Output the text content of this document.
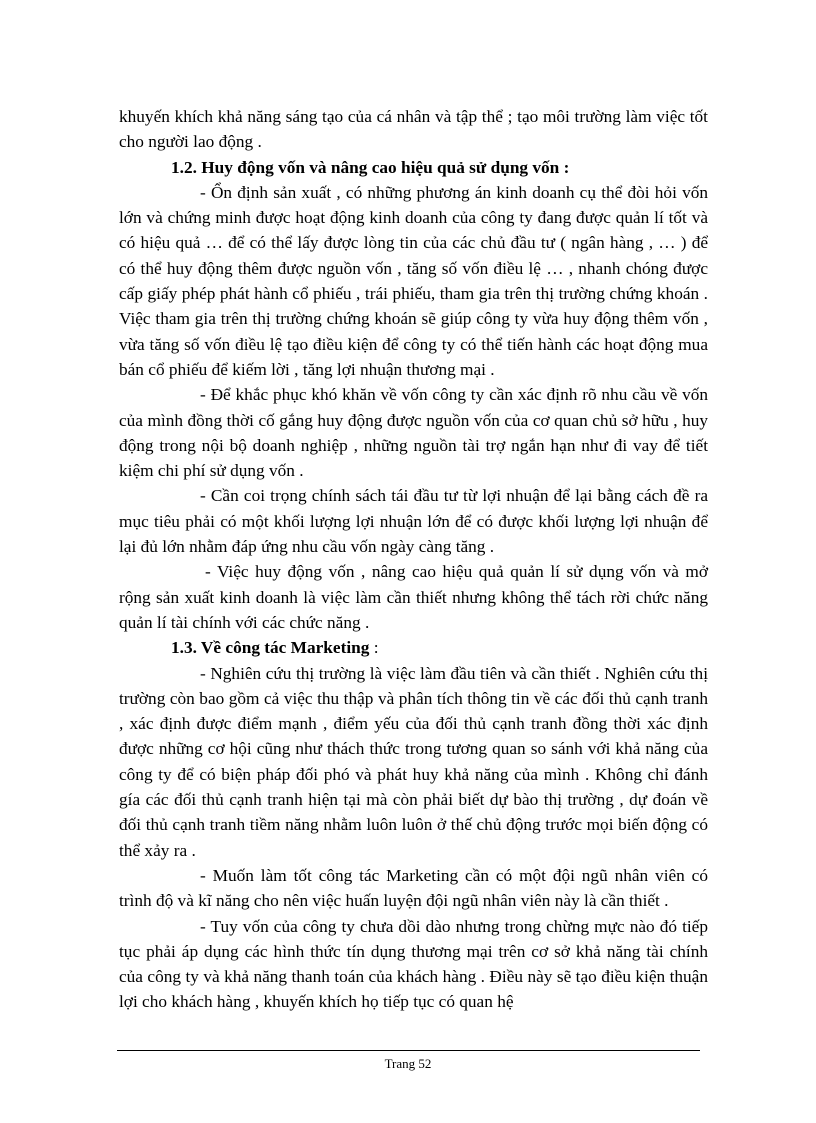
khuyến khích khả năng sáng tạo của cá nhân và tập thể ; tạo môi trường làm việc tốt cho người lao động .

1.2. Huy động vốn và nâng cao hiệu quả sử dụng vốn :

- Ổn định sản xuất , có những phương án kinh doanh cụ thể đòi hỏi vốn lớn và chứng minh được hoạt động kinh doanh của công ty đang được quản lí tốt và có hiệu quả … để có thể lấy được lòng tin của các chủ đầu tư ( ngân hàng , … ) để có thể huy động thêm được nguồn vốn , tăng số vốn điều lệ … , nhanh chóng được cấp giấy phép phát hành cổ phiếu , trái phiếu, tham gia trên thị trường chứng khoán . Việc tham gia trên thị trường chứng khoán sẽ giúp công ty vừa huy động thêm vốn , vừa tăng số vốn điều lệ tạo điều kiện để công ty có thể tiến hành các hoạt động mua bán cổ phiếu để kiếm lời , tăng lợi nhuận thương mại .

- Để khắc phục khó khăn về vốn công ty cần xác định rõ nhu cầu về vốn của mình đồng thời cố gắng huy động được nguồn vốn của cơ quan chủ sở hữu , huy động trong nội bộ doanh nghiệp , những nguồn tài trợ ngắn hạn như đi vay để tiết kiệm chi phí sử dụng vốn .

- Cần coi trọng chính sách tái đầu tư từ lợi nhuận để lại bằng cách đề ra mục tiêu phải có một khối lượng lợi nhuận lớn để có được khối lượng lợi nhuận để lại đủ lớn nhằm đáp ứng nhu cầu vốn ngày càng tăng .

- Việc huy động vốn , nâng cao hiệu quả quản lí sử dụng vốn và mở rộng sản xuất kinh doanh là việc làm cần thiết nhưng không thể tách rời chức năng quản lí tài chính với các chức năng .

1.3. Về công tác Marketing :

- Nghiên cứu thị trường là việc làm đầu tiên và cần thiết . Nghiên cứu thị trường còn bao gồm cả việc thu thập và phân tích thông tin về các đối thủ cạnh tranh , xác định được điểm mạnh , điểm yếu của đối thủ cạnh tranh đồng thời xác định được những cơ hội cũng như thách thức trong tương quan so sánh với khả năng của công ty để có biện pháp đối phó và phát huy khả năng của mình . Không chỉ đánh gía các đối thủ cạnh tranh hiện tại mà còn phải biết dự bào thị trường , dự đoán về đối thủ cạnh tranh tiềm năng nhằm luôn luôn ở thế chủ động trước mọi biến động có thể xảy ra .

- Muốn làm tốt công tác Marketing cần có một đội ngũ nhân viên có trình độ và kĩ năng cho nên việc huấn luyện đội ngũ nhân viên này là cần thiết .

- Tuy vốn của công ty chưa dồi dào nhưng trong chừng mực nào đó tiếp tục phải áp dụng các hình thức tín dụng thương mại trên cơ sở khả năng tài chính của công ty và khả năng thanh toán của khách hàng . Điều này sẽ tạo điều kiện thuận lợi cho khách hàng , khuyến khích họ tiếp tục có quan hệ

Trang 52
